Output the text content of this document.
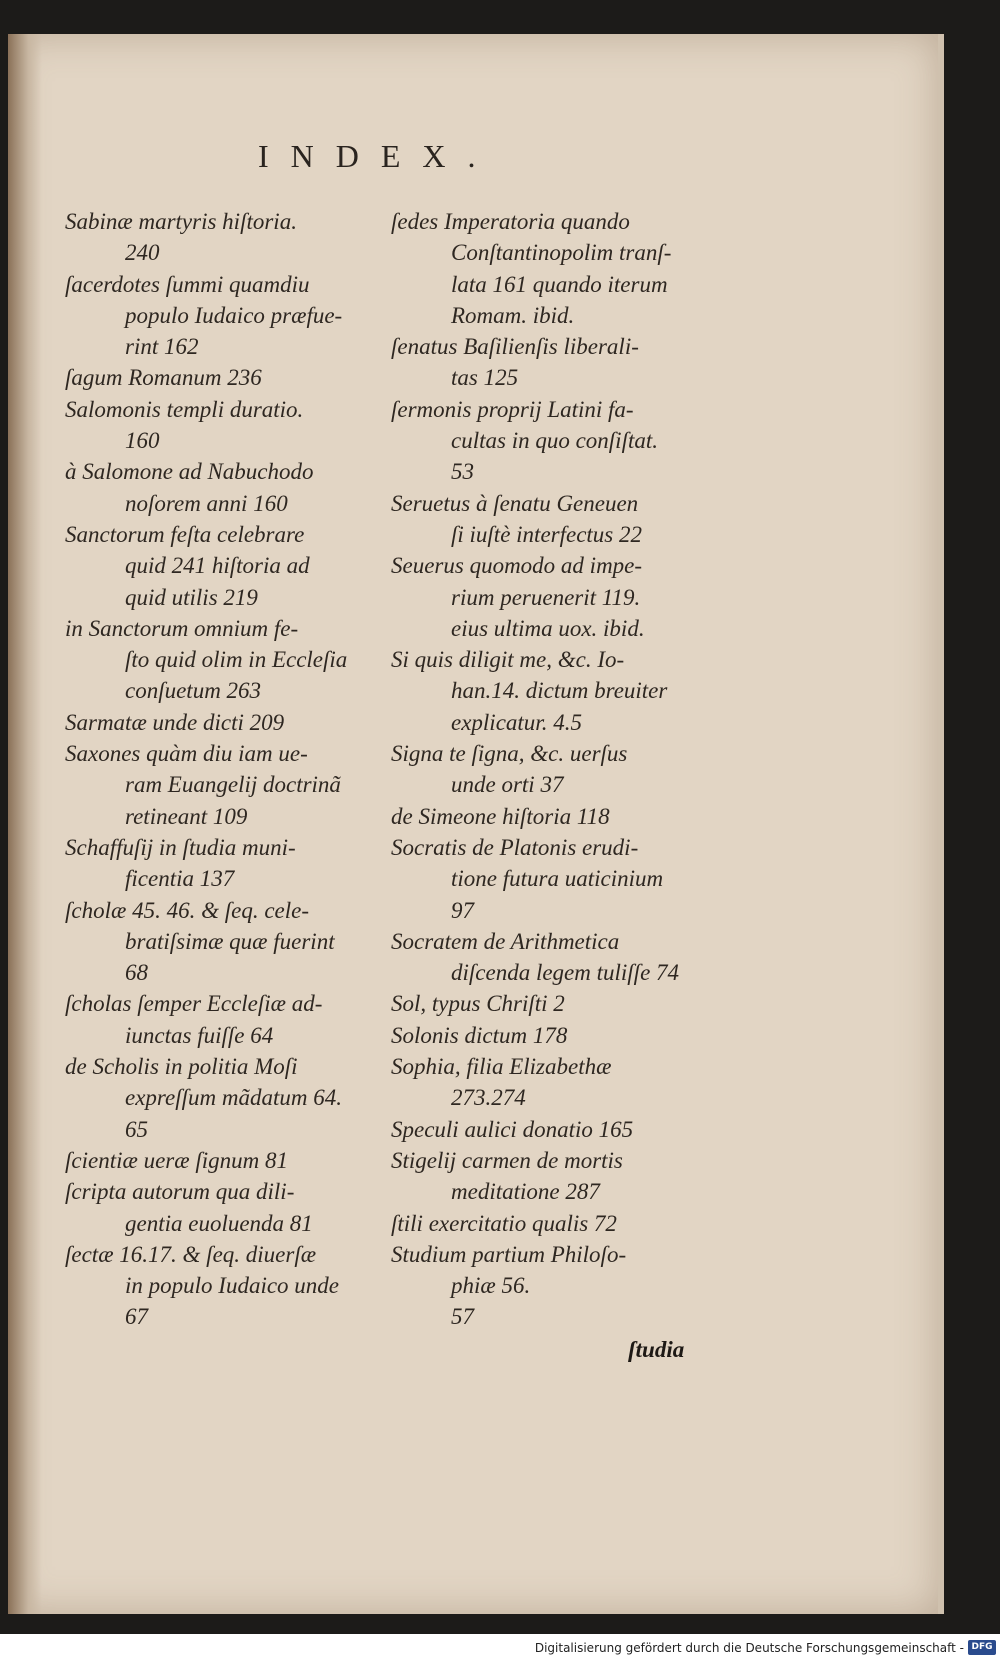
INDEX.
Sabinæ martyris hiſtoria.
240
ſacerdotes ſummi quamdiu
populo Iudaico præfue-
rint 162
ſagum Romanum 236
Salomonis templi duratio.
160
à Salomone ad Nabuchodo
noſorem anni 160
Sanctorum feſta celebrare
quid 241 hiſtoria ad
quid utilis 219
in Sanctorum omnium fe-
ſto quid olim in Eccleſia
conſuetum 263
Sarmatæ unde dicti 209
Saxones quàm diu iam ue-
ram Euangelij doctrinã
retineant 109
Schaffuſij in ſtudia muni-
ficentia 137
ſcholæ 45. 46. & ſeq. cele-
bratiſsimæ quæ fuerint
68
ſcholas ſemper Eccleſiæ ad-
iunctas fuiſſe 64
de Scholis in politia Moſi
expreſſum mãdatum 64.
65
ſcientiæ ueræ ſignum 81
ſcripta autorum qua dili-
gentia euoluenda 81
ſectæ 16.17. & ſeq. diuerſæ
in populo Iudaico unde
67
ſedes Imperatoria quando
Conſtantinopolim tranſ-
lata 161 quando iterum
Romam. ibid.
ſenatus Baſilienſis liberali-
tas 125
ſermonis proprij Latini fa-
cultas in quo conſiſtat.
53
Seruetus à ſenatu Geneuen
ſi iuſtè interfectus 22
Seuerus quomodo ad impe-
rium peruenerit 119.
eius ultima uox. ibid.
Si quis diligit me, &c. Io-
han.14. dictum breuiter
explicatur. 4.5
Signa te ſigna, &c. uerſus
unde orti 37
de Simeone hiſtoria 118
Socratis de Platonis erudi-
tione futura uaticinium
97
Socratem de Arithmetica
diſcenda legem tuliſſe 74
Sol, typus Chriſti 2
Solonis dictum 178
Sophia, filia Elizabethæ
273.274
Speculi aulici donatio 165
Stigelij carmen de mortis
meditatione 287
ſtili exercitatio qualis 72
Studium partium Philoſo-
phiæ 56.
57
ſtudia
Digitalisierung gefördert durch die Deutsche Forschungsgemeinschaft - DFG
